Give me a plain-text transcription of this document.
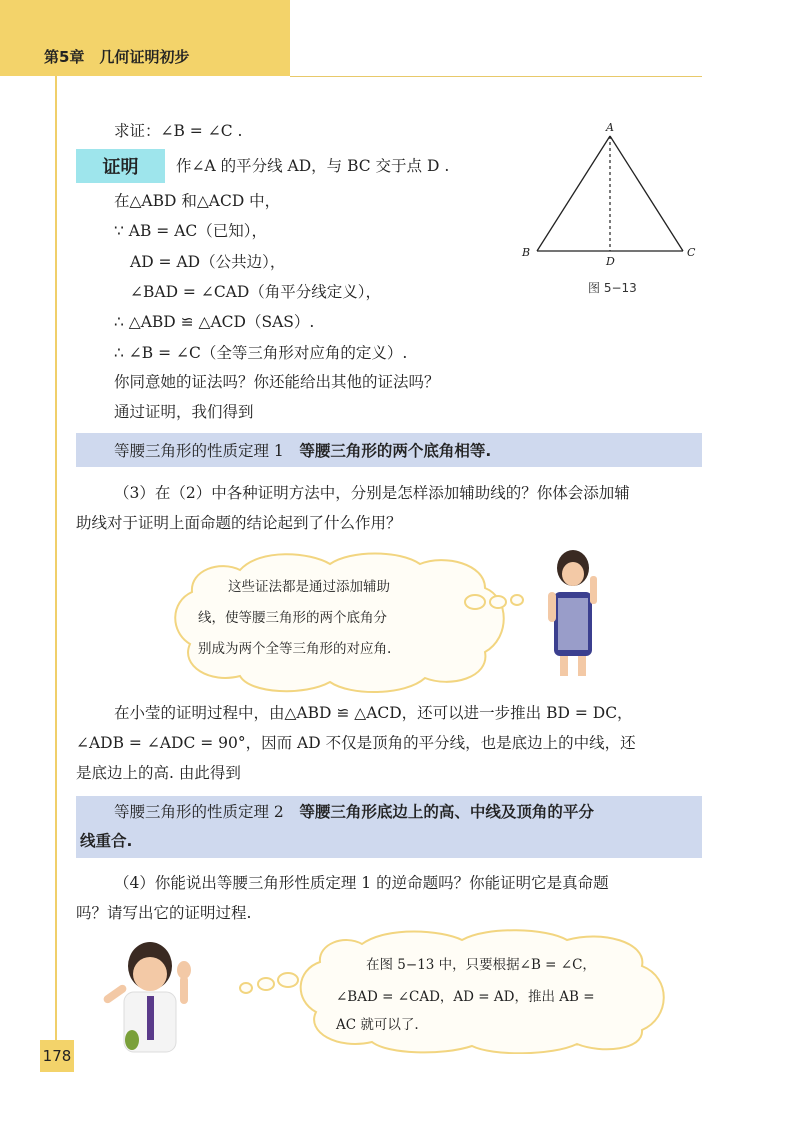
第5章　几何证明初步
求证：∠B = ∠C .
证明	作∠A 的平分线 AD，与 BC 交于点 D .
在△ABD 和△ACD 中，
∵ AB = AC（已知），
AD = AD（公共边），
∠BAD = ∠CAD（角平分线定义），
∴ △ABD ≌ △ACD（SAS）.
∴ ∠B = ∠C（全等三角形对应角的定义）.
你同意她的证法吗？你还能给出其他的证法吗？
通过证明，我们得到
A
B	C
D
图 5−13
等腰三角形的性质定理 1　 等腰三角形的两个底角相等.
（3）在（2）中各种证明方法中，分别是怎样添加辅助线的？你体会添加辅
助线对于证明上面命题的结论起到了什么作用？
这些证法都是通过添加辅助
线，使等腰三角形的两个底角分
别成为两个全等三角形的对应角.
在小莹的证明过程中，由△ABD ≌ △ACD，还可以进一步推出 BD = DC，
∠ADB = ∠ADC = 90°，因而 AD 不仅是顶角的平分线，也是底边上的中线，还
是底边上的高. 由此得到
等腰三角形的性质定理 2　 等腰三角形底边上的高、中线及顶角的平分
线重合.
（4）你能说出等腰三角形性质定理 1 的逆命题吗？你能证明它是真命题
吗？请写出它的证明过程.
在图 5−13 中，只要根据∠B = ∠C，
∠BAD = ∠CAD，AD = AD，推出 AB =
AC 就可以了.
178
